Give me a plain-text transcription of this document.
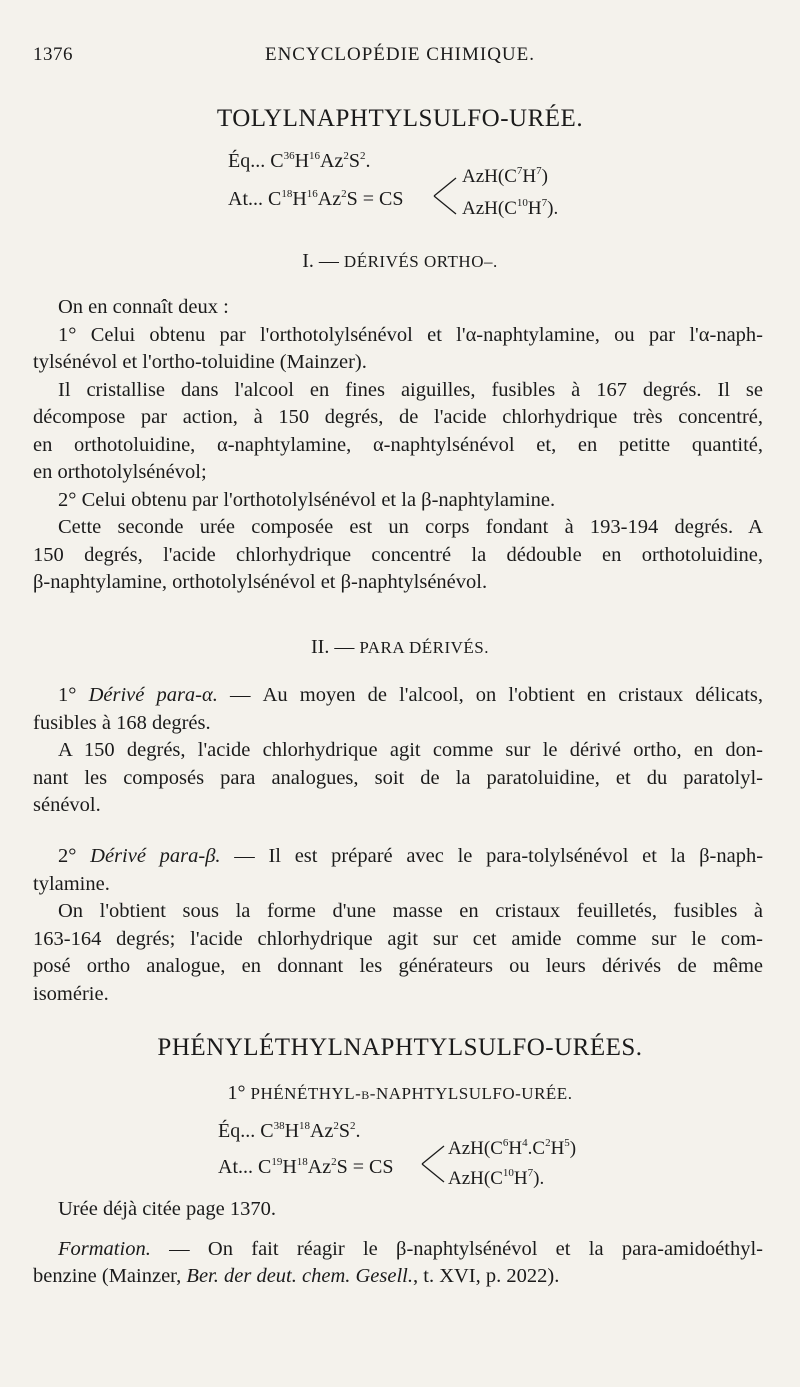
1376	ENCYCLOPÉDIE CHIMIQUE.
TOLYLNAPHTYLSULFO-URÉE.
Éq... $C^{36}H^{16}Az^2S^2$.
At... $C^{18}H^{16}Az^2S$ = CS
$AzH(C^7H^7)$
$AzH(C^{10}H^7)$.
I. — DÉRIVÉS ORTHO–.
On en connaît deux :
1° Celui obtenu par l'orthotolylsénévol et l'α-naphtylamine, ou par l'α-naph-
tylsénévol et l'ortho-toluidine (Mainzer).
Il cristallise dans l'alcool en fines aiguilles, fusibles à 167 degrés. Il se
décompose par action, à 150 degrés, de l'acide chlorhydrique très concentré,
en orthotoluidine, α-naphtylamine, α-naphtylsénévol et, en petitte quantité,
en orthotolylsénévol;
2° Celui obtenu par l'orthotolylsénévol et la β-naphtylamine.
Cette seconde urée composée est un corps fondant à 193-194 degrés. A
150 degrés, l'acide chlorhydrique concentré la dédouble en orthotoluidine,
β-naphtylamine, orthotolylsénévol et β-naphtylsénévol.
II. — PARA DÉRIVÉS.
1° Dérivé para-α. — Au moyen de l'alcool, on l'obtient en cristaux délicats,
fusibles à 168 degrés.
A 150 degrés, l'acide chlorhydrique agit comme sur le dérivé ortho, en don-
nant les composés para analogues, soit de la paratoluidine, et du paratolyl-
sénévol.
2° Dérivé para-β. — Il est préparé avec le para-tolylsénévol et la β-naph-
tylamine.
On l'obtient sous la forme d'une masse en cristaux feuilletés, fusibles à
163-164 degrés; l'acide chlorhydrique agit sur cet amide comme sur le com-
posé ortho analogue, en donnant les générateurs ou leurs dérivés de même
isomérie.
PHÉNYLÉTHYLNAPHTYLSULFO-URÉES.
1° PHÉNÉTHYL-β-NAPHTYLSULFO-URÉE.
Éq... $C^{38}H^{18}Az^2S^2$.
At... $C^{19}H^{18}Az^2S$ = CS
$AzH(C^6H^4.C^2H^5)$
$AzH(C^{10}H^7)$.
Urée déjà citée page 1370.
Formation. — On fait réagir le β-naphtylsénévol et la para-amidoéthyl-
benzine (Mainzer, Ber. der deut. chem. Gesell., t. XVI, p. 2022).
